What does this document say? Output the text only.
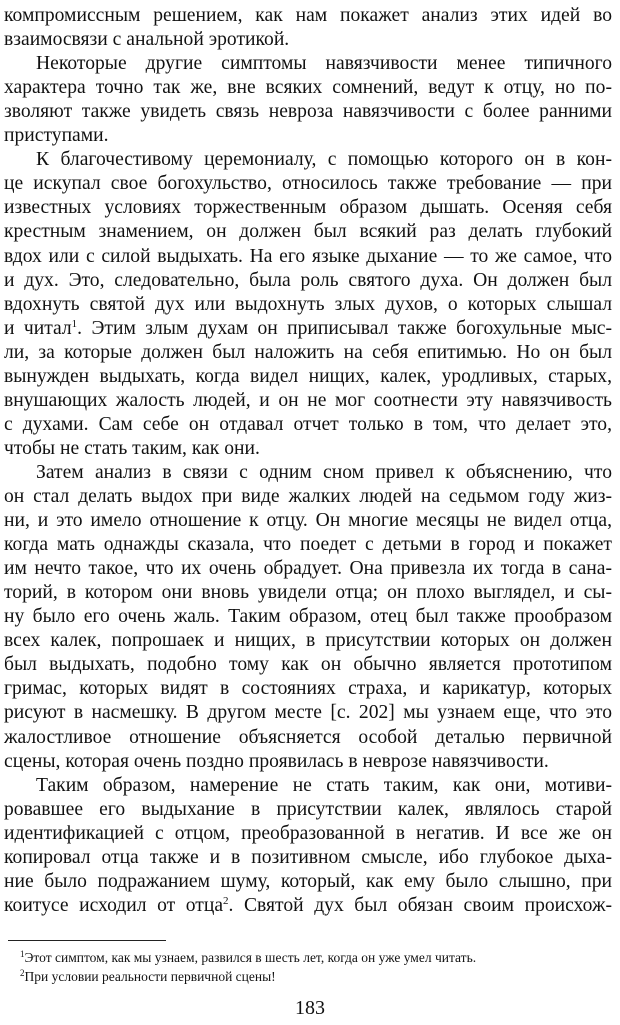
компромиссным решением, как нам покажет анализ этих идей во
взаимосвязи с анальной эротикой.
Некоторые другие симптомы навязчивости менее типичного
характера точно так же, вне всяких сомнений, ведут к отцу, но по-
зволяют также увидеть связь невроза навязчивости с более ранними
приступами.
К благочестивому церемониалу, с помощью которого он в кон-
це искупал свое богохульство, относилось также требование — при
известных условиях торжественным образом дышать. Осеняя себя
крестным знамением, он должен был всякий раз делать глубокий
вдох или с силой выдыхать. На его языке дыхание — то же самое, что
и дух. Это, следовательно, была роль святого духа. Он должен был
вдохнуть святой дух или выдохнуть злых духов, о которых слышал
и читал$^1$. Этим злым духам он приписывал также богохульные мыс-
ли, за которые должен был наложить на себя епитимью. Но он был
вынужден выдыхать, когда видел нищих, калек, уродливых, старых,
внушающих жалость людей, и он не мог соотнести эту навязчивость
с духами. Сам себе он отдавал отчет только в том, что делает это,
чтобы не стать таким, как они.
Затем анализ в связи с одним сном привел к объяснению, что
он стал делать выдох при виде жалких людей на седьмом году жиз-
ни, и это имело отношение к отцу. Он многие месяцы не видел отца,
когда мать однажды сказала, что поедет с детьми в город и покажет
им нечто такое, что их очень обрадует. Она привезла их тогда в сана-
торий, в котором они вновь увидели отца; он плохо выглядел, и сы-
ну было его очень жаль. Таким образом, отец был также прообразом
всех калек, попрошаек и нищих, в присутствии которых он должен
был выдыхать, подобно тому как он обычно является прототипом
гримас, которых видят в состояниях страха, и карикатур, которых
рисуют в насмешку. В другом месте [с. 202] мы узнаем еще, что это
жалостливое отношение объясняется особой деталью первичной
сцены, которая очень поздно проявилась в неврозе навязчивости.
Таким образом, намерение не стать таким, как они, мотиви-
ровавшее его выдыхание в присутствии калек, являлось старой
идентификацией с отцом, преобразованной в негатив. И все же он
копировал отца также и в позитивном смысле, ибо глубокое дыха-
ние было подражанием шуму, который, как ему было слышно, при
коитусе исходил от отца$^2$. Святой дух был обязан своим происхож-
$^1$Этот симптом, как мы узнаем, развился в шесть лет, когда он уже умел читать.
$^2$При условии реальности первичной сцены!
183
